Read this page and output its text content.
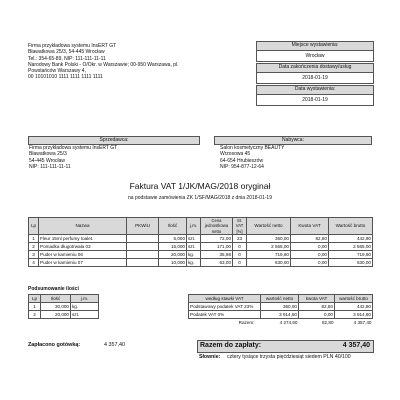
Firma przykładowa systemu InsERT GT
Bławatkowa 25/3, 54-445 Wrocław
Tel.: 354-65-89, NIP: 111-111-11-11
Narodowy Bank Polski - O/Okr. w Warszawie; 00-950 Warszawa, pl.
Powstańców Warszawy 4,
00 10101010 1111 1111 1111 1111
Miejsce wystawienia:
Wrocław
Data zakończenia dostawy/usług
2018-01-19
Data wystawienia:
2018-01-19
Sprzedawca:
Firma przykładowa systemu InsERT GT
Bławatkowa 25/3
54-445 Wrocław
NIP: 111-111-11-11
Nabywca:
Salon kosmetyczny BEAUTY
Wrzosowa 45
64-654 Hrubieszów
NIP: 954-877-12-64
Faktura VAT 1/JK/MAG/2018 oryginał
na podstawie zamówienia ZK 1/SF/MAG/2018 z dnia 2018-01-19
Lp	Nazwa	PKWiU	Ilość	j.m.	Cena jednostkowa netto	St. VAT [%]	Wartość netto	Kwota VAT	Wartość brutto
1	Fleur 15ml perfumy toalet.		5,000	szt.	72,00	23	360,00	82,80	442,80
2	Pomadka długotrwała 03		15,000	szt.	171,00	0	2 565,00	0,00	2 565,00
3	Puder w kamieniu 06		20,000	kg.	35,98	0	719,60	0,00	719,60
4	Puder w kamieniu 07		10,000	kg.	63,00	0	630,00	0,00	630,00
Podsumowanie ilości
Lp	Ilość	j.m.
1	30,000	kg.
2	20,000	szt.
według stawki VAT	wartość netto	kwota VAT	wartość brutto
Podstawowy podatek VAT 23%	360,00	82,80	442,80
Podatek VAT 0%	3 914,60	0,00	3 914,60
Razem:	4 274,60	82,80	4 357,40
Zapłacono gotówką:	4 357,40	Razem do zapłaty:	4 357,40
Słownie: cztery tysiące trzysta pięćdziesiąt siedem PLN 40/100
